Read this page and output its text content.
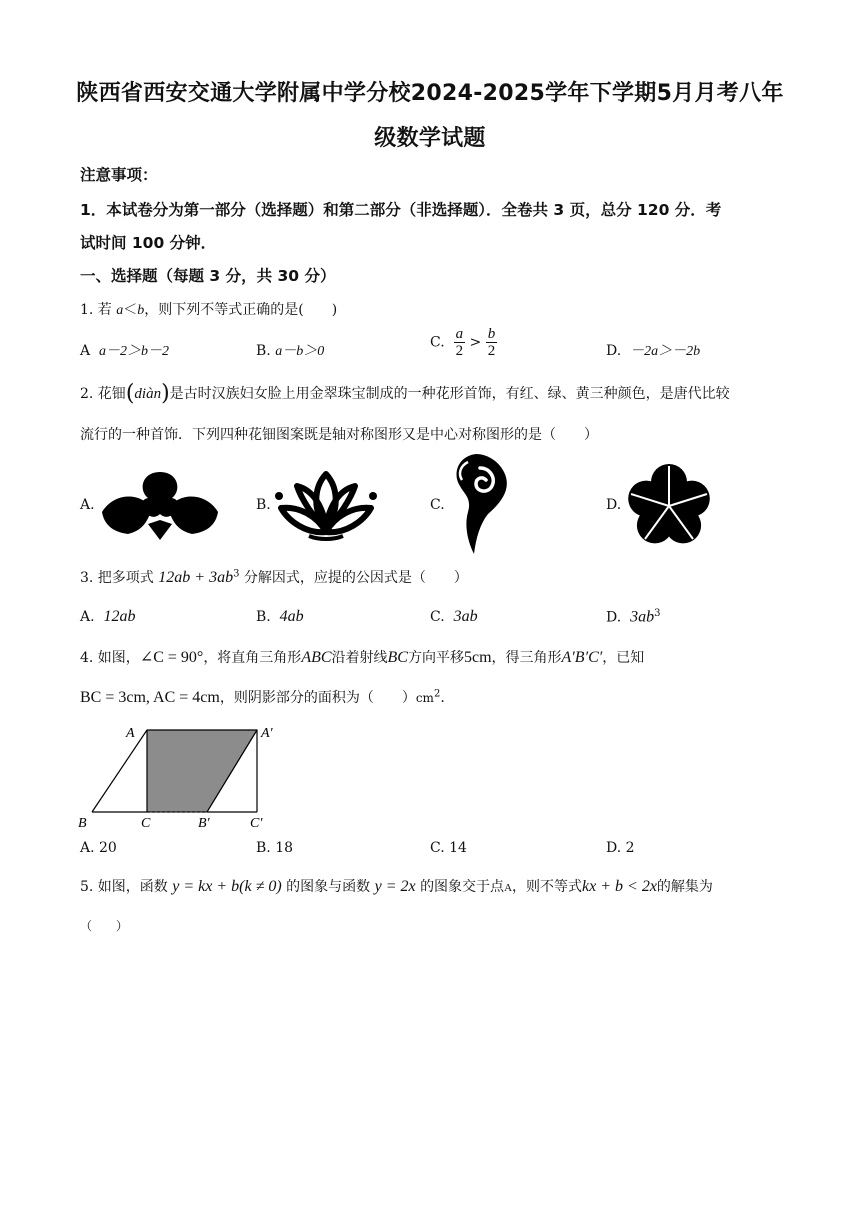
陕西省西安交通大学附属中学分校2024-2025学年下学期5月月考八年
级数学试题
注意事项：
1．本试卷分为第一部分（选择题）和第二部分（非选择题）．全卷共 3 页，总分 120 分．考
试时间 100 分钟．
一、选择题（每题 3 分，共 30 分）
1. 若 a＜b，则下列不等式正确的是(　　)
A a－2＞b－2	B. a－b＞0
C. $\frac{a}{2} > \frac{b}{2}$	D. －2a＞－2b
2. 花钿(diàn)是古时汉族妇女脸上用金翠珠宝制成的一种花形首饰，有红、绿、黄三种颜色，是唐代比较
流行的一种首饰．下列四种花钿图案既是轴对称图形又是中心对称图形的是（　　）
A.	B.	C.	D.
3. 把多项式 $12ab + 3ab^3$ 分解因式，应提的公因式是（　　）
A. 12ab	B. 4ab	C. 3ab	D. $3ab^3$
4. 如图，∠C = 90°，将直角三角形ABC沿着射线BC方向平移5cm，得三角形A′B′C′，已知
BC = 3cm, AC = 4cm，则阴影部分的面积为（　　）$cm^2$.
A	A′
B	C	B′	C′
A. 20	B. 18	C. 14	D. 2
5. 如图，函数 y = kx + b(k ≠ 0) 的图象与函数 y = 2x 的图象交于点A，则不等式kx + b < 2x的解集为
（　　）
